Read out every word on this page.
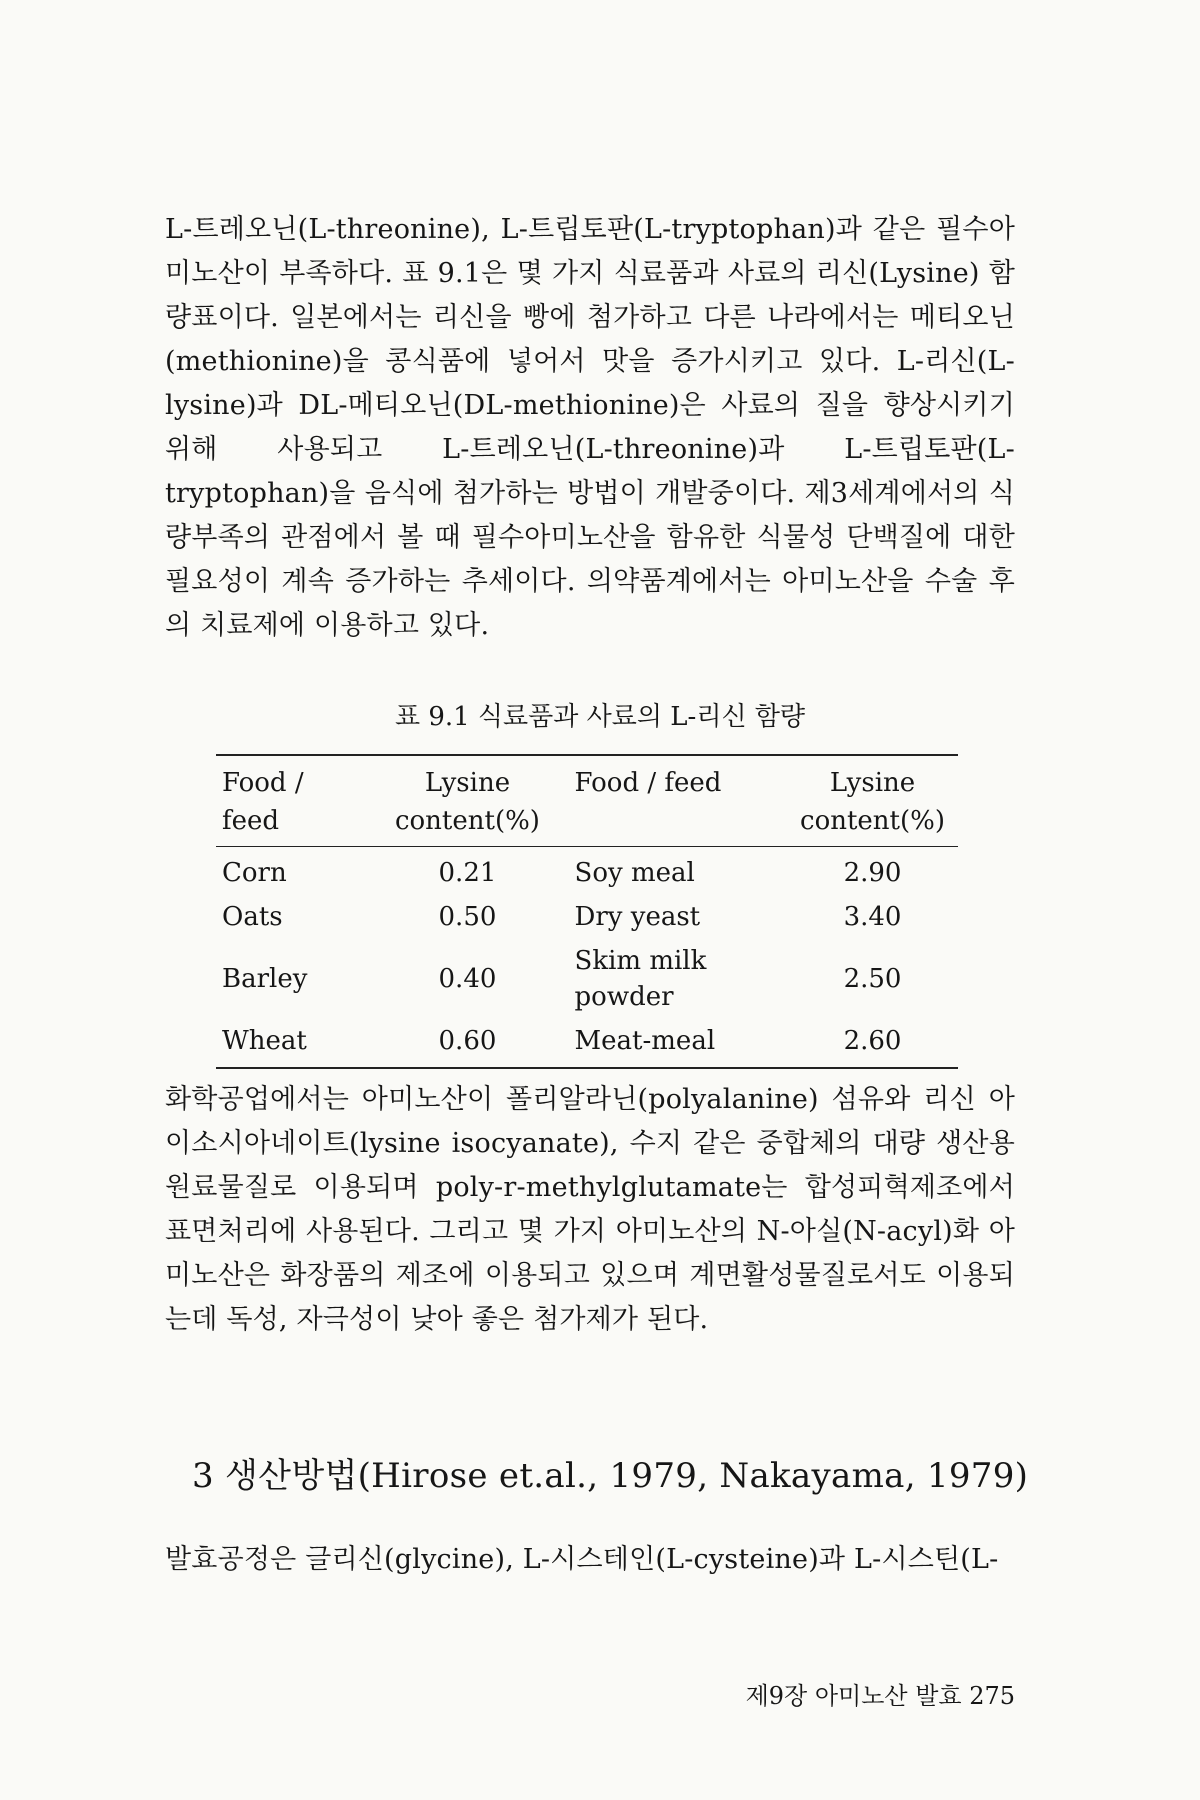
L-트레오닌(L-threonine), L-트립토판(L-tryptophan)과 같은 필수아미노산이 부족하다. 표 9.1은 몇 가지 식료품과 사료의 리신(Lysine) 함량표이다. 일본에서는 리신을 빵에 첨가하고 다른 나라에서는 메티오닌(methionine)을 콩식품에 넣어서 맛을 증가시키고 있다. L-리신(L-lysine)과 DL-메티오닌(DL-methionine)은 사료의 질을 향상시키기 위해 사용되고 L-트레오닌(L-threonine)과 L-트립토판(L-tryptophan)을 음식에 첨가하는 방법이 개발중이다. 제3세계에서의 식량부족의 관점에서 볼 때 필수아미노산을 함유한 식물성 단백질에 대한 필요성이 계속 증가하는 추세이다. 의약품계에서는 아미노산을 수술 후의 치료제에 이용하고 있다.

표 9.1 식료품과 사료의 L-리신 함량

Food / feed	Lysine content(%)	Food / feed	Lysine content(%)
Corn	0.21	Soy meal	2.90
Oats	0.50	Dry yeast	3.40
Barley	0.40	Skim milk powder	2.50
Wheat	0.60	Meat-meal	2.60

화학공업에서는 아미노산이 폴리알라닌(polyalanine) 섬유와 리신 아이소시아네이트(lysine isocyanate), 수지 같은 중합체의 대량 생산용 원료물질로 이용되며 poly-r-methylglutamate는 합성피혁제조에서 표면처리에 사용된다. 그리고 몇 가지 아미노산의 N-아실(N-acyl)화 아미노산은 화장품의 제조에 이용되고 있으며 계면활성물질로서도 이용되는데 독성, 자극성이 낮아 좋은 첨가제가 된다.

3 생산방법(Hirose et.al., 1979, Nakayama, 1979)

발효공정은 글리신(glycine), L-시스테인(L-cysteine)과 L-시스틴(L-

제9장 아미노산 발효 275
